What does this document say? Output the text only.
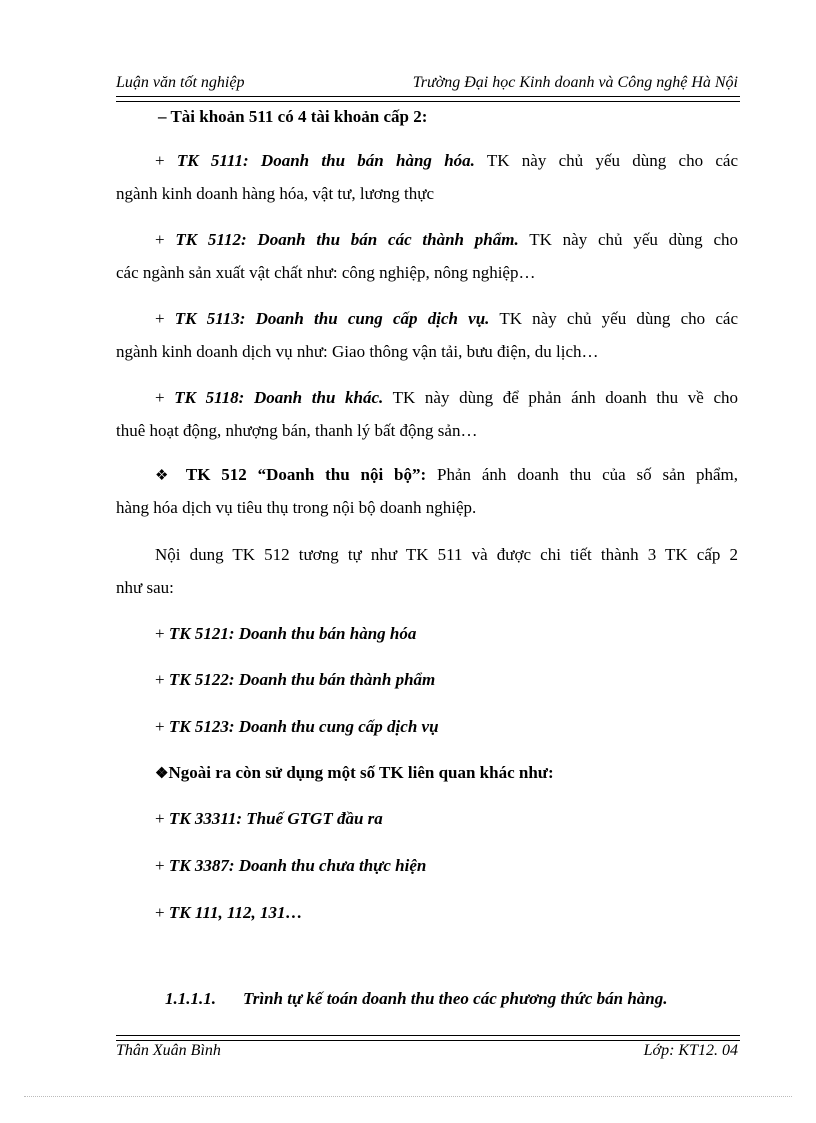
Luận văn tốt nghiệp	Trường Đại học Kinh doanh và Công nghệ Hà Nội
– Tài khoản 511 có 4 tài khoản cấp 2:
+ TK 5111: Doanh thu bán hàng hóa. TK này chủ yếu dùng cho các
ngành kinh doanh hàng hóa, vật tư, lương thực
+ TK 5112: Doanh thu bán các thành phẩm. TK này chủ yếu dùng cho
các ngành sản xuất vật chất như: công nghiệp, nông nghiệp…
+ TK 5113: Doanh thu cung cấp dịch vụ. TK này chủ yếu dùng cho các
ngành kinh doanh dịch vụ như: Giao thông vận tải, bưu điện, du lịch…
+ TK 5118: Doanh thu khác. TK này dùng để phản ánh doanh thu về cho
thuê hoạt động, nhượng bán, thanh lý bất động sản…
❖ TK 512 “Doanh thu nội bộ”: Phản ánh doanh thu của số sản phẩm,
hàng hóa dịch vụ tiêu thụ trong nội bộ doanh nghiệp.
Nội dung TK 512 tương tự như TK 511 và được chi tiết thành 3 TK cấp 2
như sau:
+ TK 5121: Doanh thu bán hàng hóa
+ TK 5122: Doanh thu bán thành phẩm
+ TK 5123: Doanh thu cung cấp dịch vụ
❖Ngoài ra còn sử dụng một số TK liên quan khác như:
+ TK 33311: Thuế GTGT đầu ra
+ TK 3387: Doanh thu chưa thực hiện
+ TK 111, 112, 131…
1.1.1.1. Trình tự kế toán doanh thu theo các phương thức bán hàng.
Thân Xuân Bình	Lớp: KT12. 04
